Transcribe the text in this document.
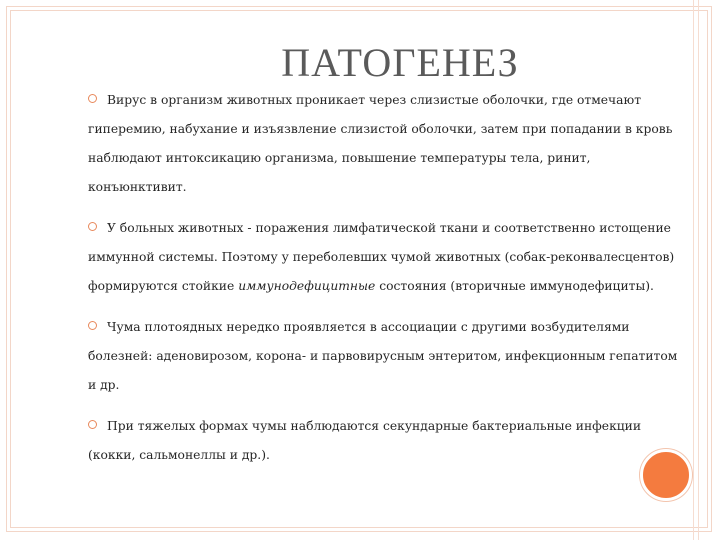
ПАТОГЕНЕЗ

Вирус в организм животных проникает через слизистые оболочки, где отмечают гиперемию, набухание и изъязвление слизистой оболочки, затем при попадании в кровь наблюдают интоксикацию организма, повышение температуры тела, ринит, конъюнктивит.

У больных животных - поражения лимфатической ткани и соответственно истощение иммунной системы. Поэтому у переболевших чумой животных (собак-реконвалесцентов) формируются стойкие иммунодефицитные состояния (вторичные иммунодефициты).

Чума плотоядных нередко проявляется в ассоциации с другими возбудителями болезней: аденовирозом, корона- и парвовирусным энтеритом, инфекционным гепатитом и др.

При тяжелых формах чумы наблюдаются секундарные бактериальные инфекции (кокки, сальмонеллы и др.).
